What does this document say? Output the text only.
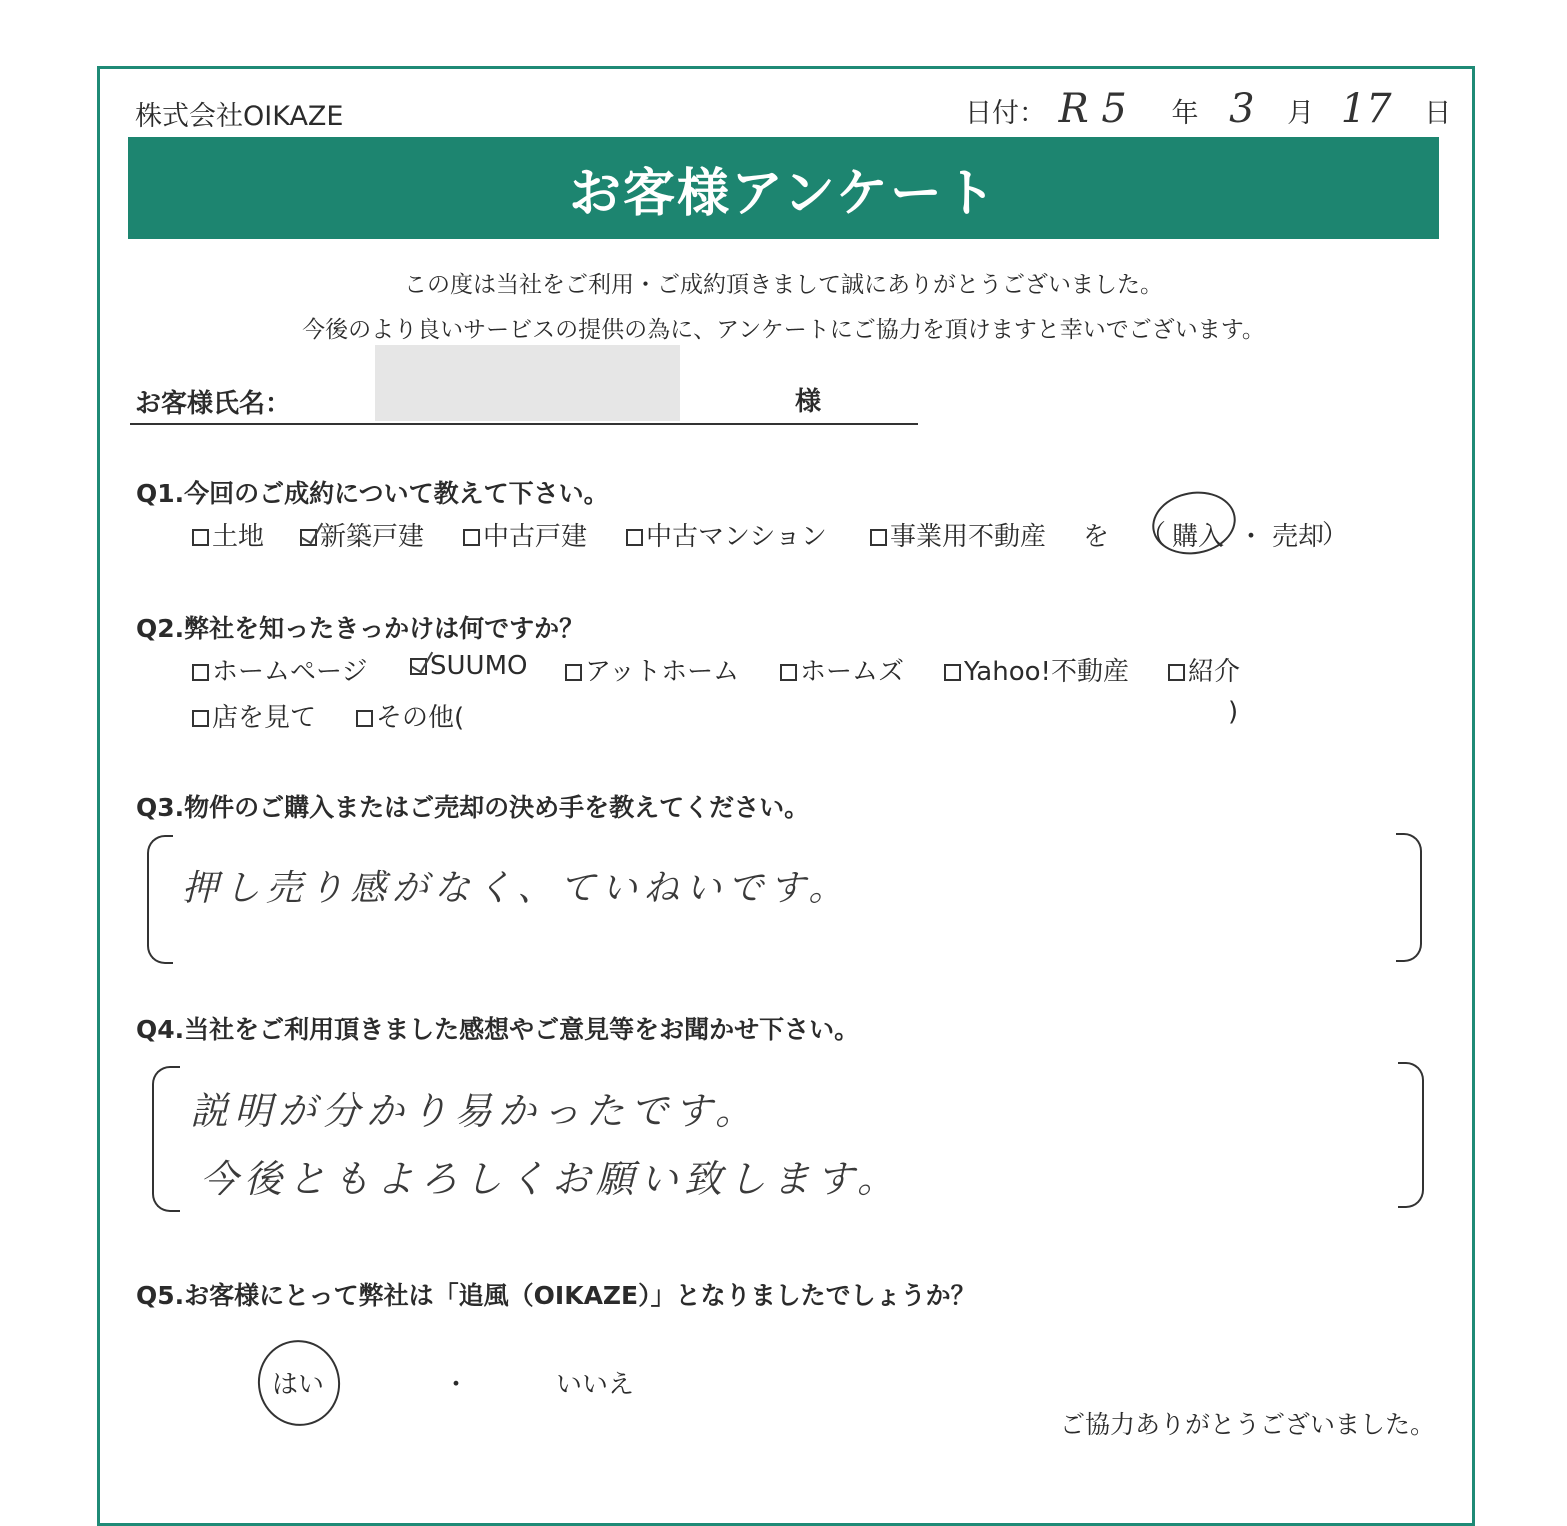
株式会社OIKAZE	日付： R 5 年 3 月 17 日
お客様アンケート
この度は当社をご利用・ご成約頂きまして誠にありがとうございました。
今後のより良いサービスの提供の為に、アンケートにご協力を頂けますと幸いでございます。
お客様氏名：	様
Q1.今回のご成約について教えて下さい。
土地	新築戸建	中古戸建	中古マンション	事業用不動産 を （ 購入 ・ 売却
）
Q2.弊社を知ったきっかけは何ですか？
ホームページ	SUUMO	アットホーム	ホームズ	Yahoo!不動産	紹介
店を見て	その他(	)
Q3.物件のご購入またはご売却の決め手を教えてください。
押し売り感がなく、ていねいです。
Q4.当社をご利用頂きました感想やご意見等をお聞かせ下さい。
説明が分かり易かったです。
今後ともよろしくお願い致します。
Q5.お客様にとって弊社は「追風（OIKAZE）」となりましたでしょうか？
はい	・	いいえ
ご協力ありがとうございました。
